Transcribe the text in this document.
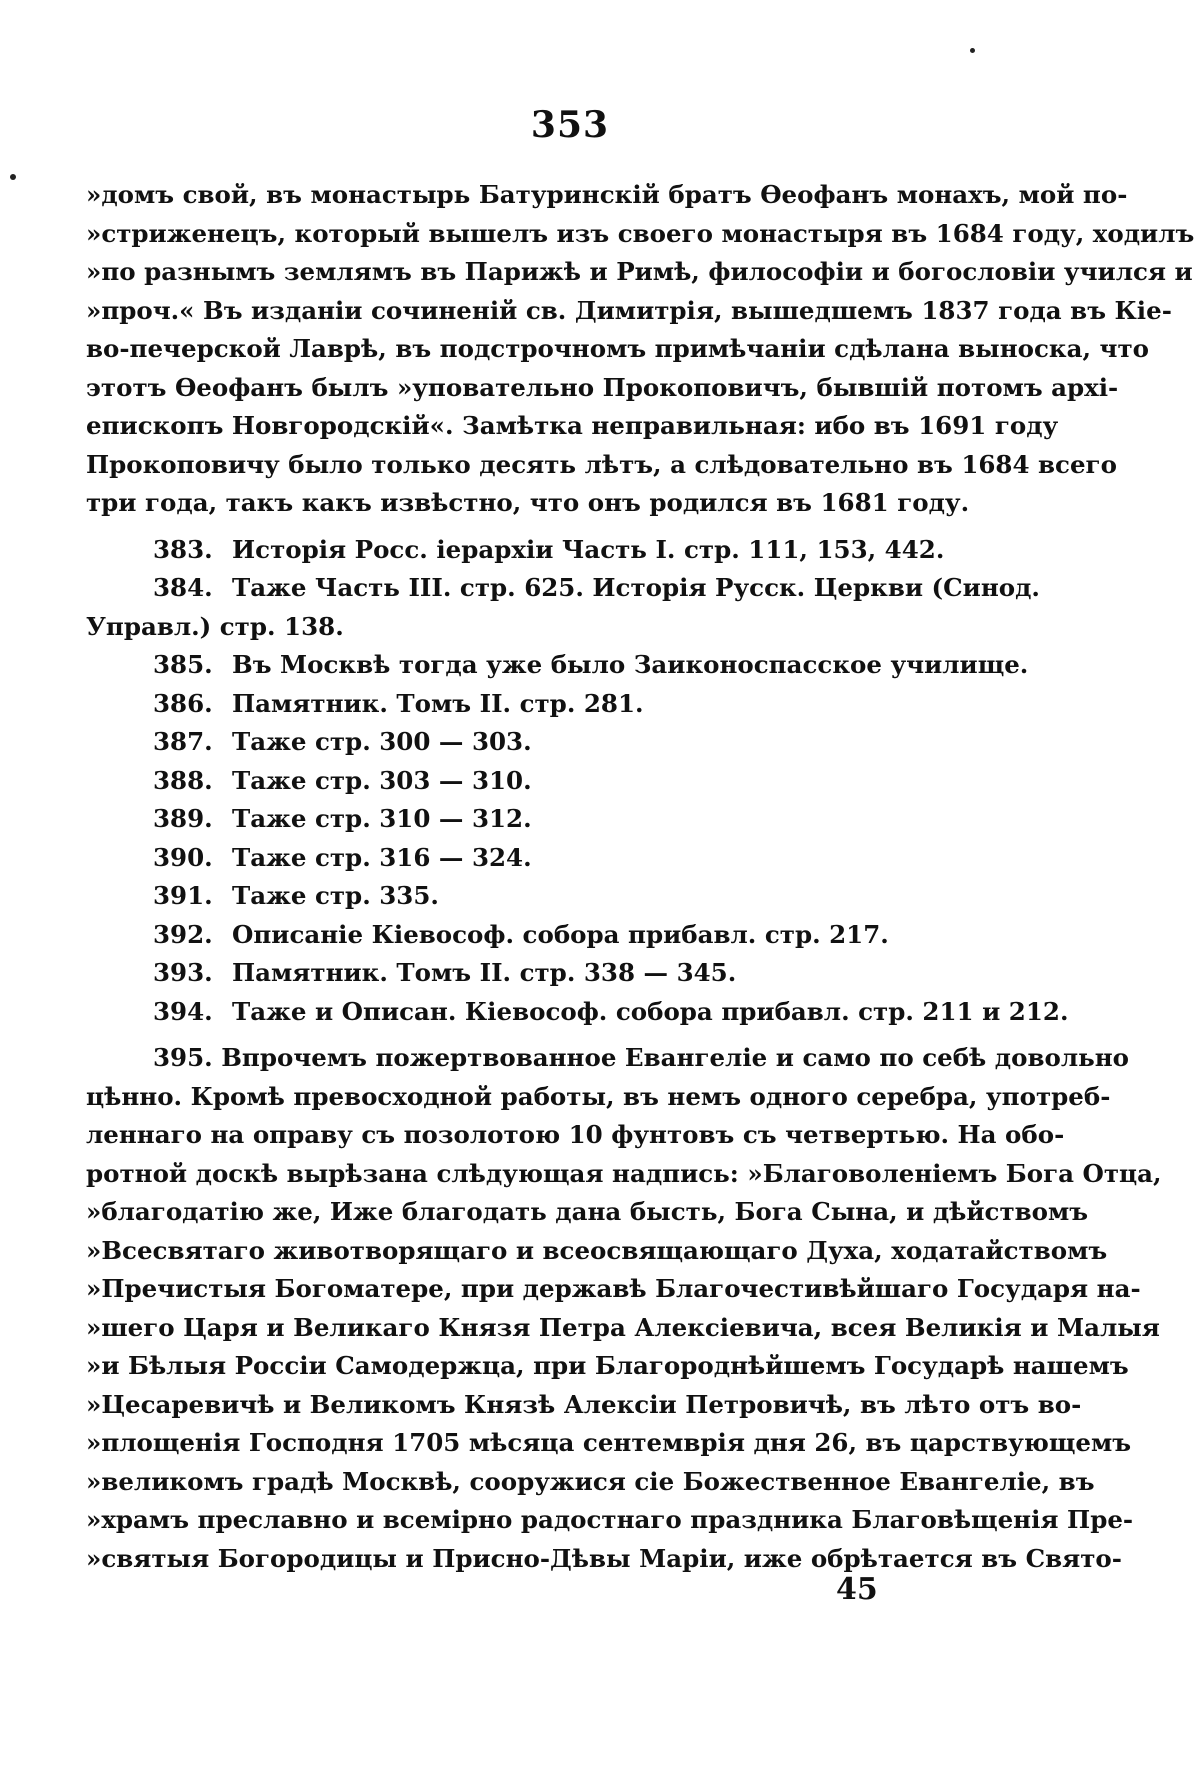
353
»домъ свой, въ монастырь Батуринскій братъ Ѳеофанъ монахъ, мой по-
»стриженецъ, который вышелъ изъ своего монастыря въ 1684 году, ходилъ
»по разнымъ землямъ въ Парижѣ и Римѣ, философіи и богословіи учился и
»проч.« Въ изданіи сочиненій св. Димитрія, вышедшемъ 1837 года въ Кіе-
во-печерской Лаврѣ, въ подстрочномъ примѣчаніи сдѣлана выноска, что
этотъ Ѳеофанъ былъ »уповательно Прокоповичъ, бывшій потомъ архі-
епископъ Новгородскій«. Замѣтка неправильная: ибо въ 1691 году
Прокоповичу было только десять лѣтъ, а слѣдовательно въ 1684 всего
три года, такъ какъ извѣстно, что онъ родился въ 1681 году.
383. Исторія Росс. іерархіи Часть І. стр. 111, 153, 442.
384. Таже Часть III. стр. 625. Исторія Русск. Церкви (Синод.
Управл.) стр. 138.
385. Въ Москвѣ тогда уже было Заиконоспасское училище.
386. Памятник. Томъ II. стр. 281.
387. Таже стр. 300 — 303.
388. Таже стр. 303 — 310.
389. Таже стр. 310 — 312.
390. Таже стр. 316 — 324.
391. Таже стр. 335.
392. Описаніе Кіевософ. собора прибавл. стр. 217.
393. Памятник. Томъ II. стр. 338 — 345.
394. Таже и Описан. Кіевософ. собора прибавл. стр. 211 и 212.
395. Впрочемъ пожертвованное Евангеліе и само по себѣ довольно
цѣнно. Кромѣ превосходной работы, въ немъ одного серебра, употреб-
леннаго на оправу съ позолотою 10 фунтовъ съ четвертью. На обо-
ротной доскѣ вырѣзана слѣдующая надпись: »Благоволеніемъ Бога Отца,
»благодатію же, Иже благодать дана бысть, Бога Сына, и дѣйствомъ
»Всесвятаго животворящаго и всеосвящающаго Духа, ходатайствомъ
»Пречистыя Богоматере, при державѣ Благочестивѣйшаго Государя на-
»шего Царя и Великаго Князя Петра Алексіевича, всея Великія и Малыя
»и Бѣлыя Россіи Самодержца, при Благороднѣйшемъ Государѣ нашемъ
»Цесаревичѣ и Великомъ Князѣ Алексіи Петровичѣ, въ лѣто отъ во-
»площенія Господня 1705 мѣсяца сентемврія дня 26, въ царствующемъ
»великомъ градѣ Москвѣ, сооружися сіе Божественное Евангеліе, въ
»храмъ преславно и всемірно радостнаго праздника Благовѣщенія Пре-
»святыя Богородицы и Присно-Дѣвы Маріи, иже обрѣтается въ Свято-
45
